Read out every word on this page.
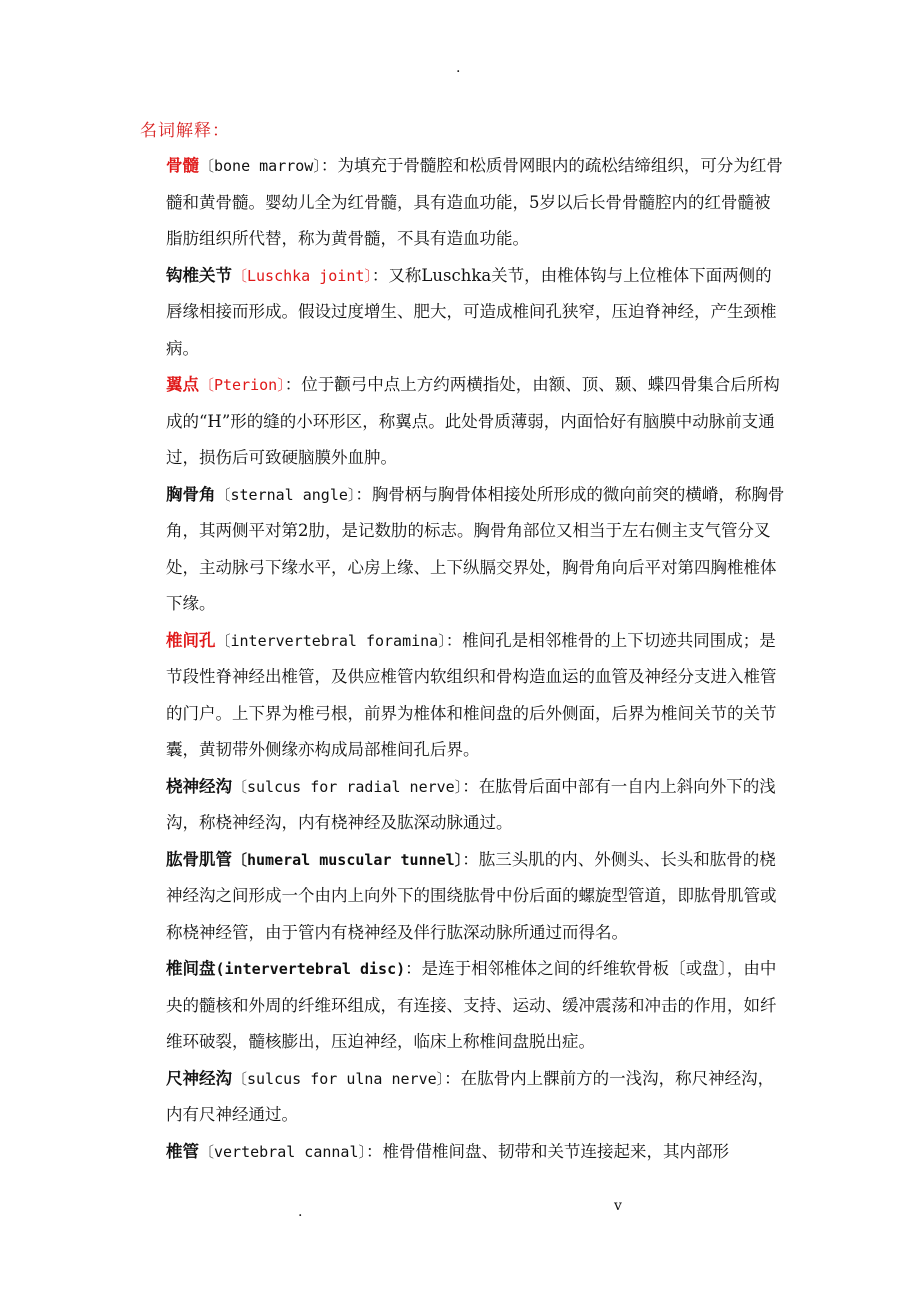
.
名词解释：

骨髓〔bone marrow〕：为填充于骨髓腔和松质骨网眼内的疏松结缔组织，可分为红骨髓和黄骨髓。婴幼儿全为红骨髓，具有造血功能，5岁以后长骨骨髓腔内的红骨髓被脂肪组织所代替，称为黄骨髓，不具有造血功能。

钩椎关节〔Luschka joint〕：又称Luschka关节，由椎体钩与上位椎体下面两侧的唇缘相接而形成。假设过度增生、肥大，可造成椎间孔狭窄，压迫脊神经，产生颈椎病。

翼点〔Pterion〕：位于颧弓中点上方约两横指处，由额、顶、颞、蝶四骨集合后所构成的“H”形的缝的小环形区，称翼点。此处骨质薄弱，内面恰好有脑膜中动脉前支通过，损伤后可致硬脑膜外血肿。

胸骨角〔sternal angle〕：胸骨柄与胸骨体相接处所形成的微向前突的横嵴，称胸骨角，其两侧平对第2肋，是记数肋的标志。胸骨角部位又相当于左右侧主支气管分叉处，主动脉弓下缘水平，心房上缘、上下纵膈交界处，胸骨角向后平对第四胸椎椎体下缘。

椎间孔〔intervertebral foramina〕：椎间孔是相邻椎骨的上下切迹共同围成；是节段性脊神经出椎管，及供应椎管内软组织和骨构造血运的血管及神经分支进入椎管的门户。上下界为椎弓根，前界为椎体和椎间盘的后外侧面，后界为椎间关节的关节囊，黄韧带外侧缘亦构成局部椎间孔后界。

桡神经沟〔sulcus for radial nerve〕：在肱骨后面中部有一自内上斜向外下的浅沟，称桡神经沟，内有桡神经及肱深动脉通过。

肱骨肌管〔humeral muscular tunnel〕：肱三头肌的内、外侧头、长头和肱骨的桡神经沟之间形成一个由内上向外下的围绕肱骨中份后面的螺旋型管道，即肱骨肌管或称桡神经管，由于管内有桡神经及伴行肱深动脉所通过而得名。

椎间盘(intervertebral disc)：是连于相邻椎体之间的纤维软骨板〔或盘〕，由中央的髓核和外周的纤维环组成，有连接、支持、运动、缓冲震荡和冲击的作用，如纤维环破裂，髓核膨出，压迫神经，临床上称椎间盘脱出症。

尺神经沟〔sulcus for ulna nerve〕：在肱骨内上髁前方的一浅沟，称尺神经沟，内有尺神经通过。

椎管〔vertebral cannal〕：椎骨借椎间盘、韧带和关节连接起来，其内部形

.	v
